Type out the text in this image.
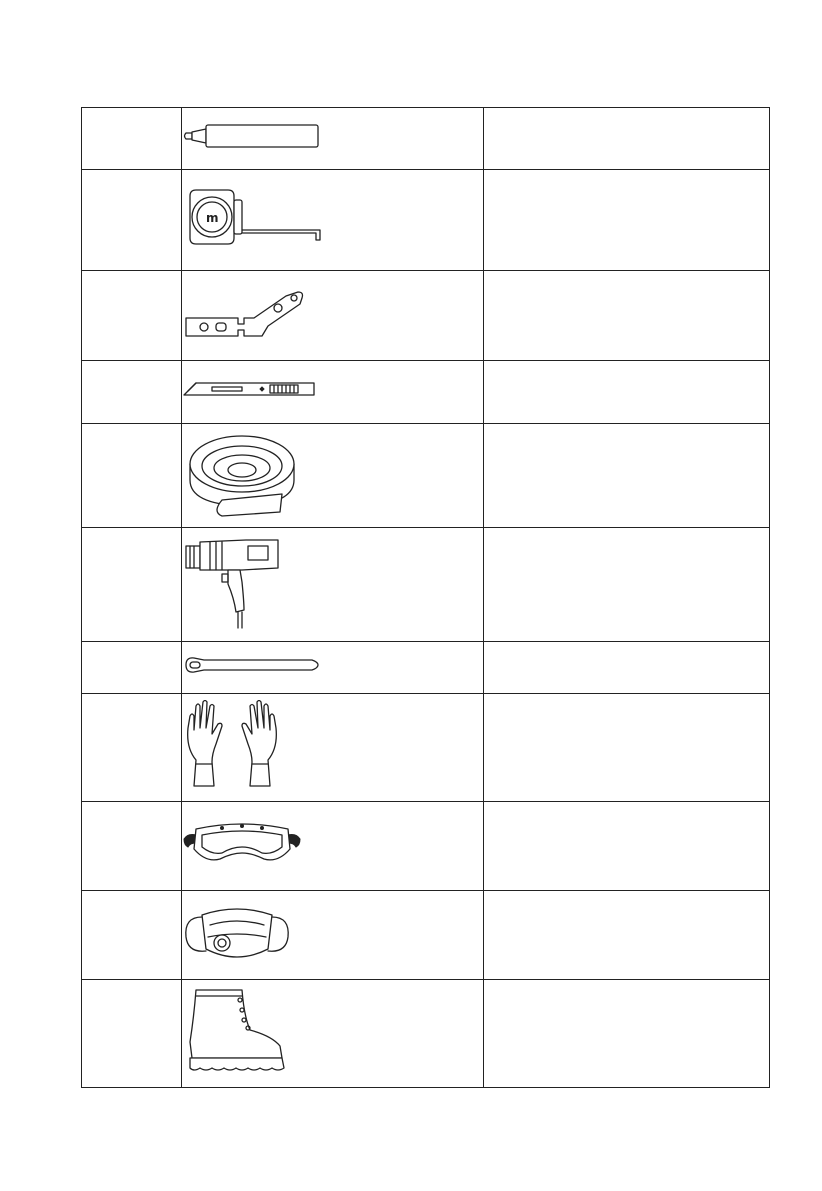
m	
